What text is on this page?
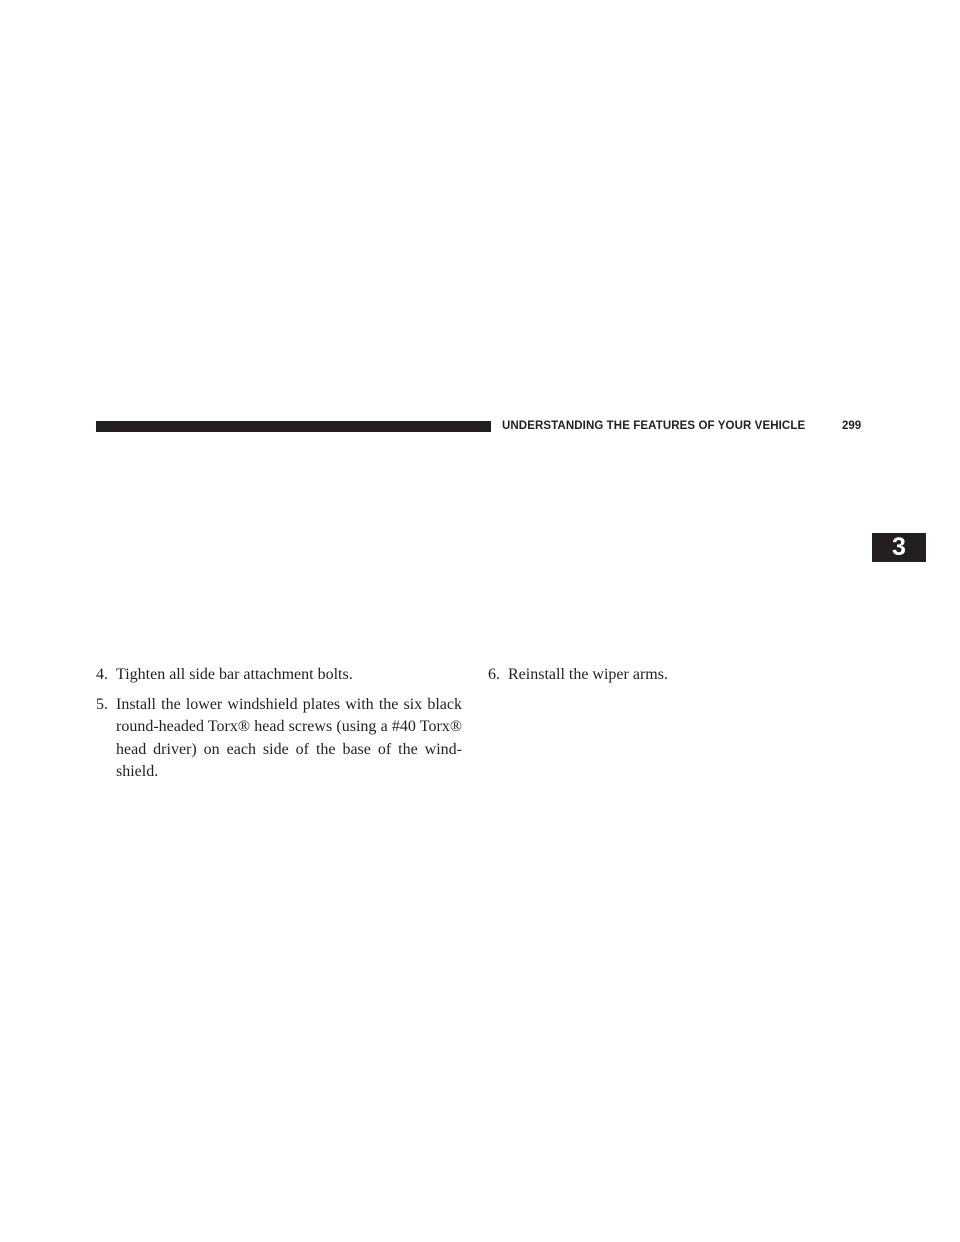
UNDERSTANDING THE FEATURES OF YOUR VEHICLE	299
3
4. Tighten all side bar attachment bolts.
5. Install the lower windshield plates with the six black round-headed Torx® head screws (using a #40 Torx® head driver) on each side of the base of the wind-shield.
6. Reinstall the wiper arms.
